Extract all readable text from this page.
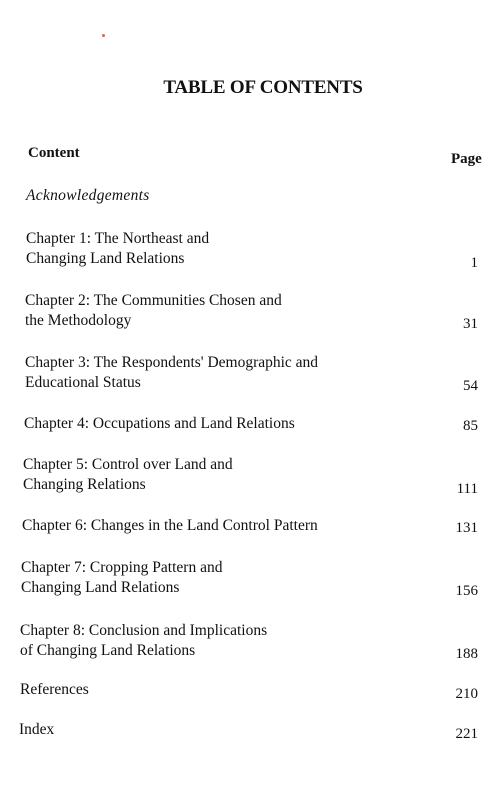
TABLE OF CONTENTS
Content	Page
Acknowledgements
Chapter 1: The Northeast and
Changing Land Relations	1
Chapter 2: The Communities Chosen and
the Methodology	31
Chapter 3: The Respondents' Demographic and
Educational Status	54
Chapter 4: Occupations and Land Relations	85
Chapter 5: Control over Land and
Changing Relations	111
Chapter 6: Changes in the Land Control Pattern	131
Chapter 7: Cropping Pattern and
Changing Land Relations	156
Chapter 8: Conclusion and Implications
of Changing Land Relations	188
References	210
Index	221
